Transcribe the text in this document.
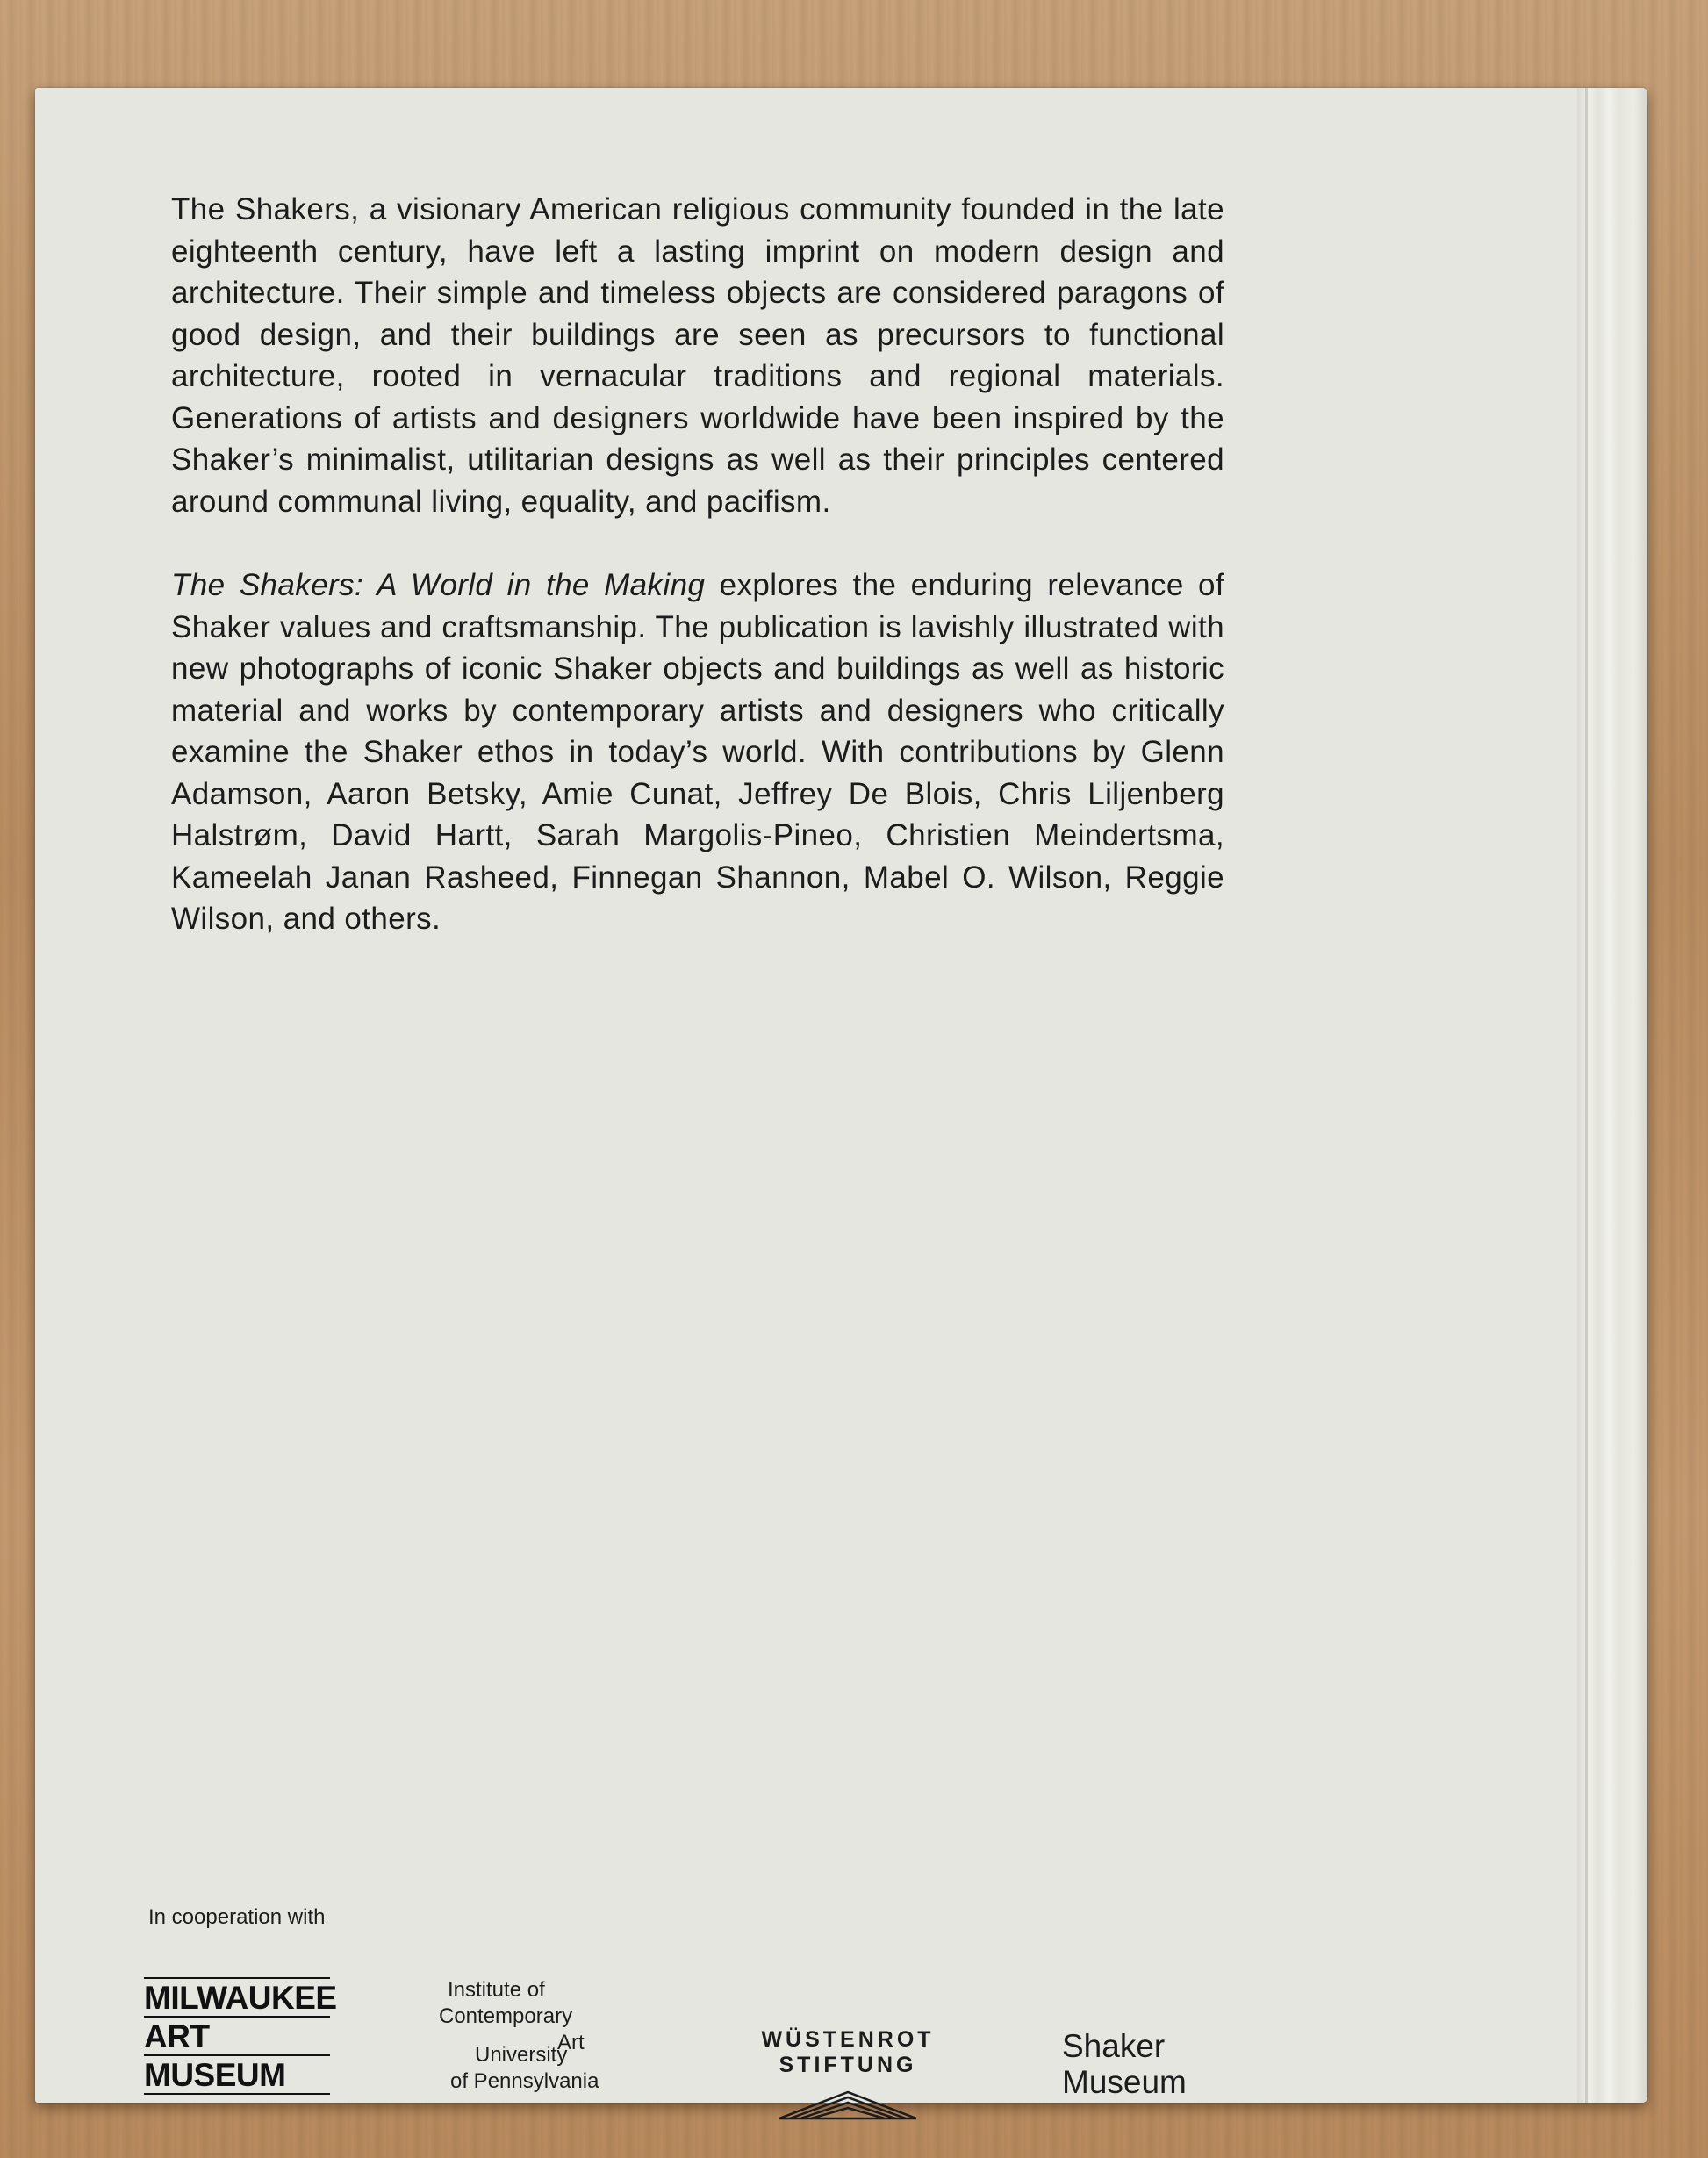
The Shakers, a visionary American religious community founded in the late eighteenth century, have left a lasting imprint on modern design and architecture. Their simple and timeless objects are considered paragons of good design, and their buildings are seen as precursors to functional architecture, rooted in vernacular traditions and regional materials. Generations of artists and designers worldwide have been inspired by the Shaker’s minimalist, utilitarian designs as well as their principles centered around communal living, equality, and pacifism.

The Shakers: A World in the Making explores the enduring relevance of Shaker values and craftsmanship. The publication is lavishly illustrated with new photographs of iconic Shaker objects and buildings as well as historic material and works by contemporary artists and designers who critically examine the Shaker ethos in today’s world. With contributions by Glenn Adamson, Aaron Betsky, Amie Cunat, Jeffrey De Blois, Chris Liljenberg Halstrøm, David Hartt, Sarah Margolis-Pineo, Christien Meindertsma, Kameelah Janan Rasheed, Finnegan Shannon, Mabel O. Wilson, Reggie Wilson, and others.

In cooperation with
MILWAUKEE
ART
MUSEUM
Institute of
Contemporary
Art
University
of Pennsylvania
WÜSTENROT STIFTUNG
Shaker
Museum
